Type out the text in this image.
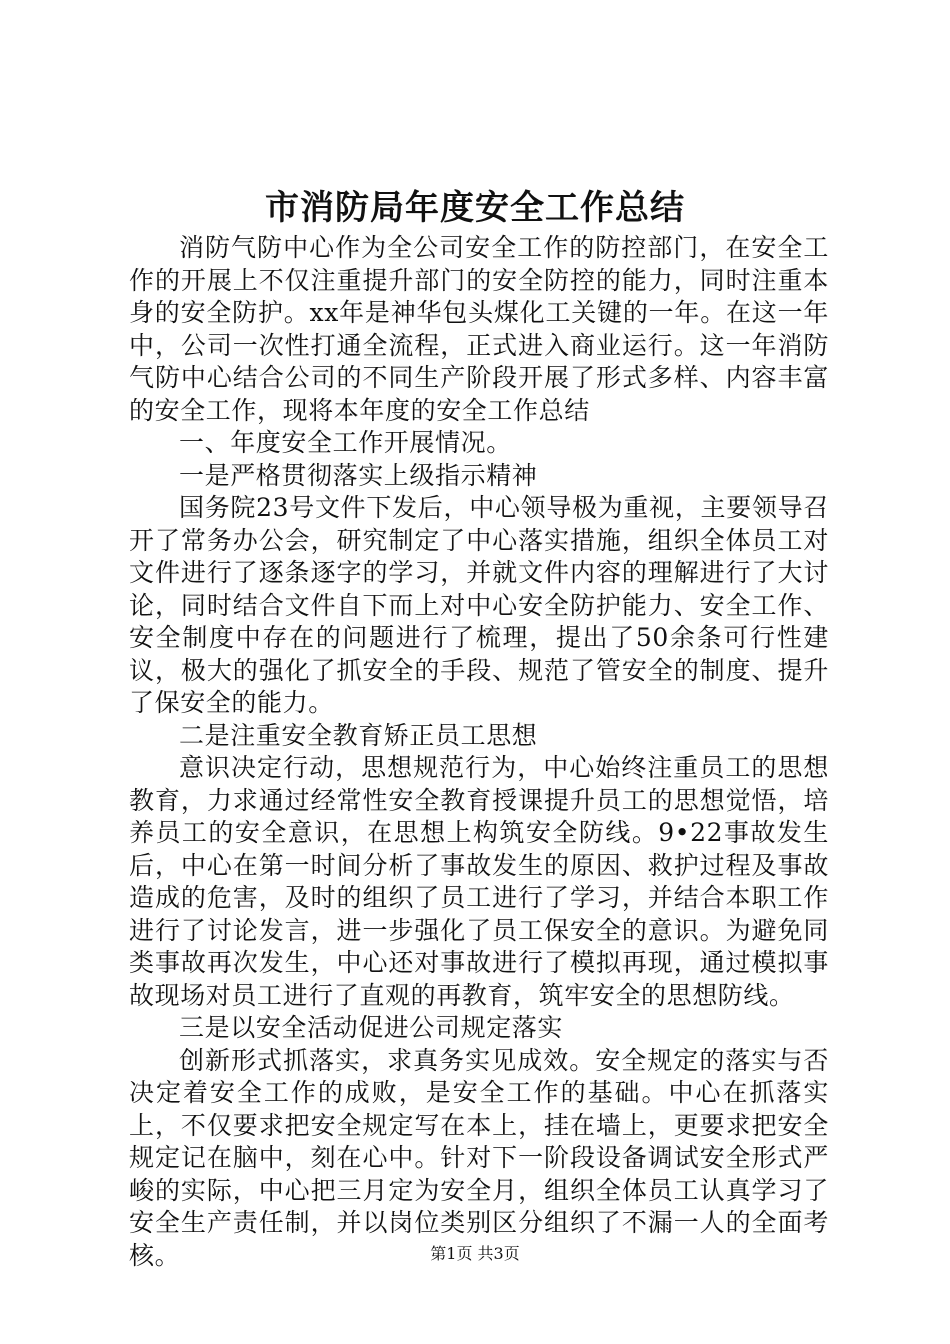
市消防局年度安全工作总结

消防气防中心作为全公司安全工作的防控部门，在安全工作的开展上不仅注重提升部门的安全防控的能力，同时注重本身的安全防护。xx年是神华包头煤化工关键的一年。在这一年中，公司一次性打通全流程，正式进入商业运行。这一年消防气防中心结合公司的不同生产阶段开展了形式多样、内容丰富的安全工作，现将本年度的安全工作总结

一、年度安全工作开展情况。

一是严格贯彻落实上级指示精神

国务院23号文件下发后，中心领导极为重视，主要领导召开了常务办公会，研究制定了中心落实措施，组织全体员工对文件进行了逐条逐字的学习，并就文件内容的理解进行了大讨论，同时结合文件自下而上对中心安全防护能力、安全工作、安全制度中存在的问题进行了梳理，提出了50余条可行性建议，极大的强化了抓安全的手段、规范了管安全的制度、提升了保安全的能力。

二是注重安全教育矫正员工思想

意识决定行动，思想规范行为，中心始终注重员工的思想教育，力求通过经常性安全教育授课提升员工的思想觉悟，培养员工的安全意识，在思想上构筑安全防线。9•22事故发生后，中心在第一时间分析了事故发生的原因、救护过程及事故造成的危害，及时的组织了员工进行了学习，并结合本职工作进行了讨论发言，进一步强化了员工保安全的意识。为避免同类事故再次发生，中心还对事故进行了模拟再现，通过模拟事故现场对员工进行了直观的再教育，筑牢安全的思想防线。

三是以安全活动促进公司规定落实

创新形式抓落实，求真务实见成效。安全规定的落实与否决定着安全工作的成败，是安全工作的基础。中心在抓落实上，不仅要求把安全规定写在本上，挂在墙上，更要求把安全规定记在脑中，刻在心中。针对下一阶段设备调试安全形式严峻的实际，中心把三月定为安全月，组织全体员工认真学习了安全生产责任制，并以岗位类别区分组织了不漏一人的全面考核。	第1页 共3页
